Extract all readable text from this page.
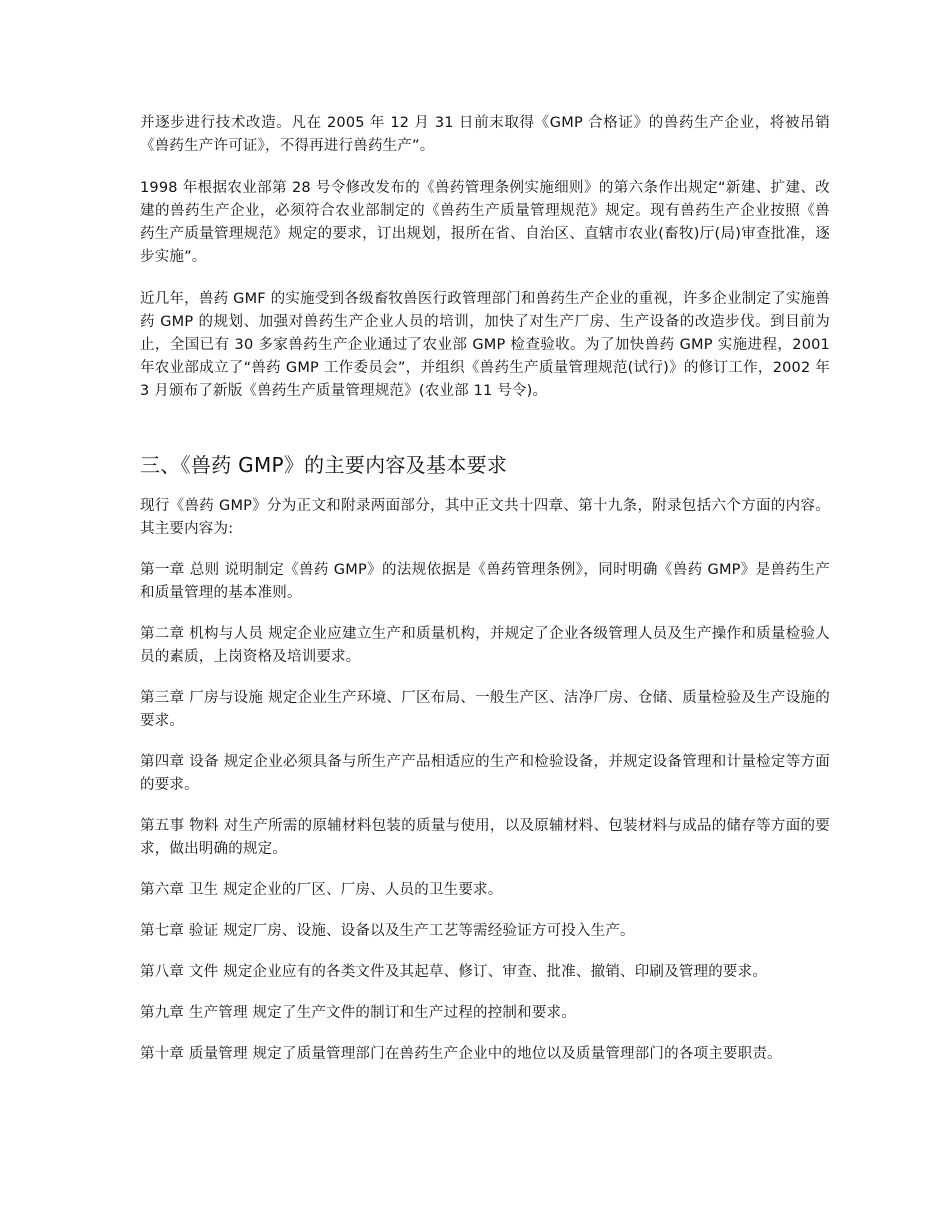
并逐步进行技术改造。凡在 2005 年 12 月 31 日前末取得《GMP 合格证》的兽药生产企业，将被吊销《兽药生产许可证》，不得再进行兽药生产”。

1998 年根据农业部第 28 号令修改发布的《兽药管理条例实施细则》的第六条作出规定“新建、扩建、改建的兽药生产企业，必须符合农业部制定的《兽药生产质量管理规范》规定。现有兽药生产企业按照《兽药生产质量管理规范》规定的要求，订出规划，报所在省、自治区、直辖市农业(畜牧)厅(局)审查批准，逐步实施”。

近几年，兽药 GMF 的实施受到各级畜牧兽医行政管理部门和兽药生产企业的重视，许多企业制定了实施兽药 GMP 的规划、加强对兽药生产企业人员的培训，加快了对生产厂房、生产设备的改造步伐。到目前为止，全国已有 30 多家兽药生产企业通过了农业部 GMP 检查验收。为了加快兽药 GMP 实施进程，2001 年农业部成立了“兽药 GMP 工作委员会”，并组织《兽药生产质量管理规范(试行)》的修订工作，2002 年 3 月颁布了新版《兽药生产质量管理规范》(农业部 11 号令)。

三、《兽药 GMP》的主要内容及基本要求

现行《兽药 GMP》分为正文和附录两面部分，其中正文共十四章、第十九条，附录包括六个方面的内容。其主要内容为:

第一章 总则 说明制定《兽药 GMP》的法规依据是《兽药管理条例》，同时明确《兽药 GMP》是兽药生产和质量管理的基本准则。

第二章 机构与人员 规定企业应建立生产和质量机构，并规定了企业各级管理人员及生产操作和质量检验人员的素质，上岗资格及培训要求。

第三章 厂房与设施 规定企业生产环境、厂区布局、一般生产区、洁净厂房、仓储、质量检验及生产设施的要求。

第四章 设备 规定企业必须具备与所生产产品相适应的生产和检验设备，并规定设备管理和计量检定等方面的要求。

第五事 物料 对生产所需的原辅材料包装的质量与使用，以及原辅材料、包装材料与成品的储存等方面的要求，做出明确的规定。

第六章 卫生 规定企业的厂区、厂房、人员的卫生要求。

第七章 验证 规定厂房、设施、设备以及生产工艺等需经验证方可投入生产。

第八章 文件 规定企业应有的各类文件及其起草、修订、审查、批准、撤销、印刷及管理的要求。

第九章 生产管理 规定了生产文件的制订和生产过程的控制和要求。

第十章 质量管理 规定了质量管理部门在兽药生产企业中的地位以及质量管理部门的各项主要职责。
